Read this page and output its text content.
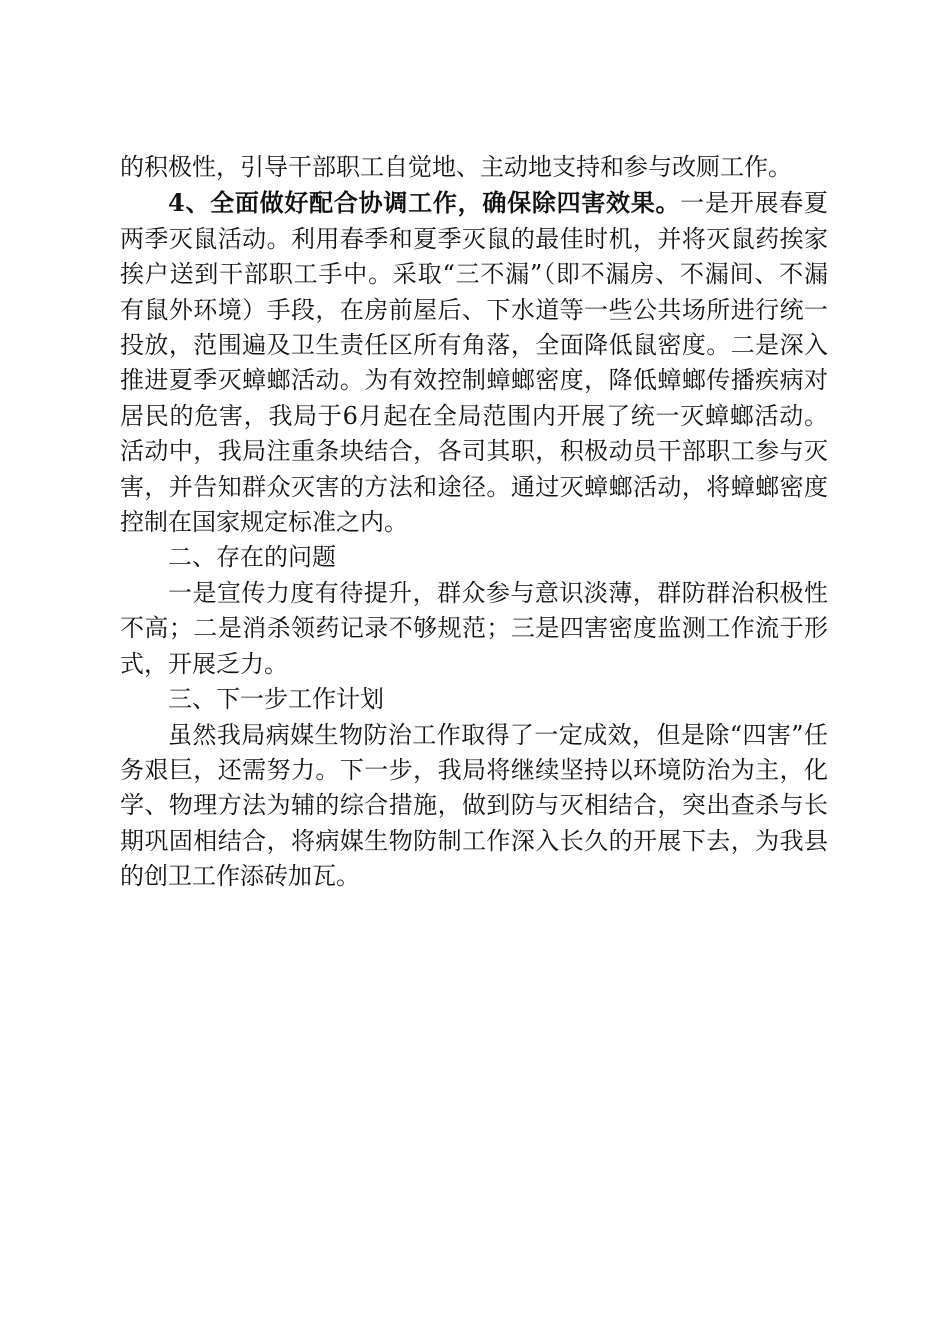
的积极性，引导干部职工自觉地、主动地支持和参与改厕工作。

4、全面做好配合协调工作，确保除四害效果。一是开展春夏两季灭鼠活动。利用春季和夏季灭鼠的最佳时机，并将灭鼠药挨家挨户送到干部职工手中。采取“三不漏”（即不漏房、不漏间、不漏有鼠外环境）手段，在房前屋后、下水道等一些公共场所进行统一投放，范围遍及卫生责任区所有角落，全面降低鼠密度。二是深入推进夏季灭蟑螂活动。为有效控制蟑螂密度，降低蟑螂传播疾病对居民的危害，我局于6月起在全局范围内开展了统一灭蟑螂活动。活动中，我局注重条块结合，各司其职，积极动员干部职工参与灭害，并告知群众灭害的方法和途径。通过灭蟑螂活动，将蟑螂密度控制在国家规定标准之内。

二、存在的问题

一是宣传力度有待提升，群众参与意识淡薄，群防群治积极性不高；二是消杀领药记录不够规范；三是四害密度监测工作流于形式，开展乏力。

三、下一步工作计划

虽然我局病媒生物防治工作取得了一定成效，但是除“四害”任务艰巨，还需努力。下一步，我局将继续坚持以环境防治为主，化学、物理方法为辅的综合措施，做到防与灭相结合，突出查杀与长期巩固相结合，将病媒生物防制工作深入长久的开展下去，为我县的创卫工作添砖加瓦。
